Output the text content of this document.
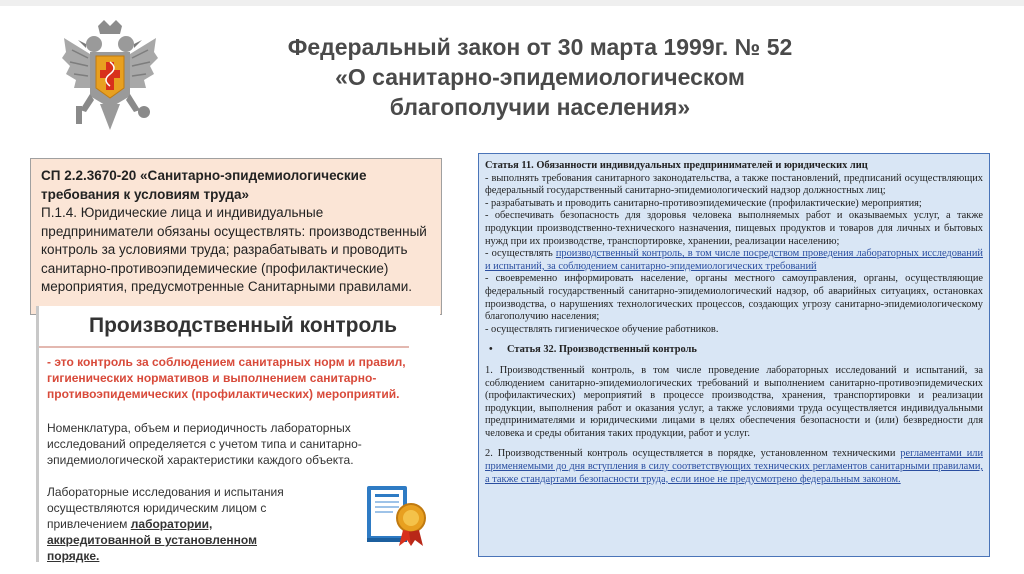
Федеральный закон от 30 марта 1999г. № 52
«О санитарно-эпидемиологическом
благополучии населения»
СП 2.2.3670-20 «Санитарно-эпидемиологические
требования к условиям труда»
П.1.4. Юридические лица и индивидуальные предприниматели обязаны осуществлять: производственный контроль за условиями труда; разрабатывать и проводить санитарно-противоэпидемические (профилактические) мероприятия, предусмотренные Санитарными правилами.
Производственный контроль
- это контроль за соблюдением санитарных норм и правил, гигиенических нормативов и выполнением санитарно-противоэпидемических (профилактических) мероприятий.
Номенклатура, объем и периодичность лабораторных исследований определяется с учетом типа и санитарно-эпидемиологической характеристики каждого объекта.
Лабораторные исследования и испытания осуществляются юридическим лицом с привлечением лаборатории, аккредитованной в установленном порядке.

Статья 11. Обязанности индивидуальных предпринимателей и юридических лиц

- выполнять требования санитарного законодательства, а также постановлений, предписаний осуществляющих федеральный государственный санитарно-эпидемиологический надзор должностных лиц;

- разрабатывать и проводить санитарно-противоэпидемические (профилактические) мероприятия;

- обеспечивать безопасность для здоровья человека выполняемых работ и оказываемых услуг, а также продукции производственно-технического назначения, пищевых продуктов и товаров для личных и бытовых нужд при их производстве, транспортировке, хранении, реализации населению;

- осуществлять производственный контроль, в том числе посредством проведения лабораторных исследований и испытаний, за соблюдением санитарно-эпидемиологических требований

- своевременно информировать население, органы местного самоуправления, органы, осуществляющие федеральный государственный санитарно-эпидемиологический надзор, об аварийных ситуациях, остановках производства, о нарушениях технологических процессов, создающих угрозу санитарно-эпидемиологическому благополучию населения;

- осуществлять гигиеническое обучение работников.

• Статья 32. Производственный контроль

1. Производственный контроль, в том числе проведение лабораторных исследований и испытаний, за соблюдением санитарно-эпидемиологических требований и выполнением санитарно-противоэпидемических (профилактических) мероприятий в процессе производства, хранения, транспортировки и реализации продукции, выполнения работ и оказания услуг, а также условиями труда осуществляется индивидуальными предпринимателями и юридическими лицами в целях обеспечения безопасности и (или) безвредности для человека и среды обитания таких продукции, работ и услуг.

2. Производственный контроль осуществляется в порядке, установленном техническими регламентами или применяемыми до дня вступления в силу соответствующих технических регламентов санитарными правилами, а также стандартами безопасности труда, если иное не предусмотрено федеральным законом.
